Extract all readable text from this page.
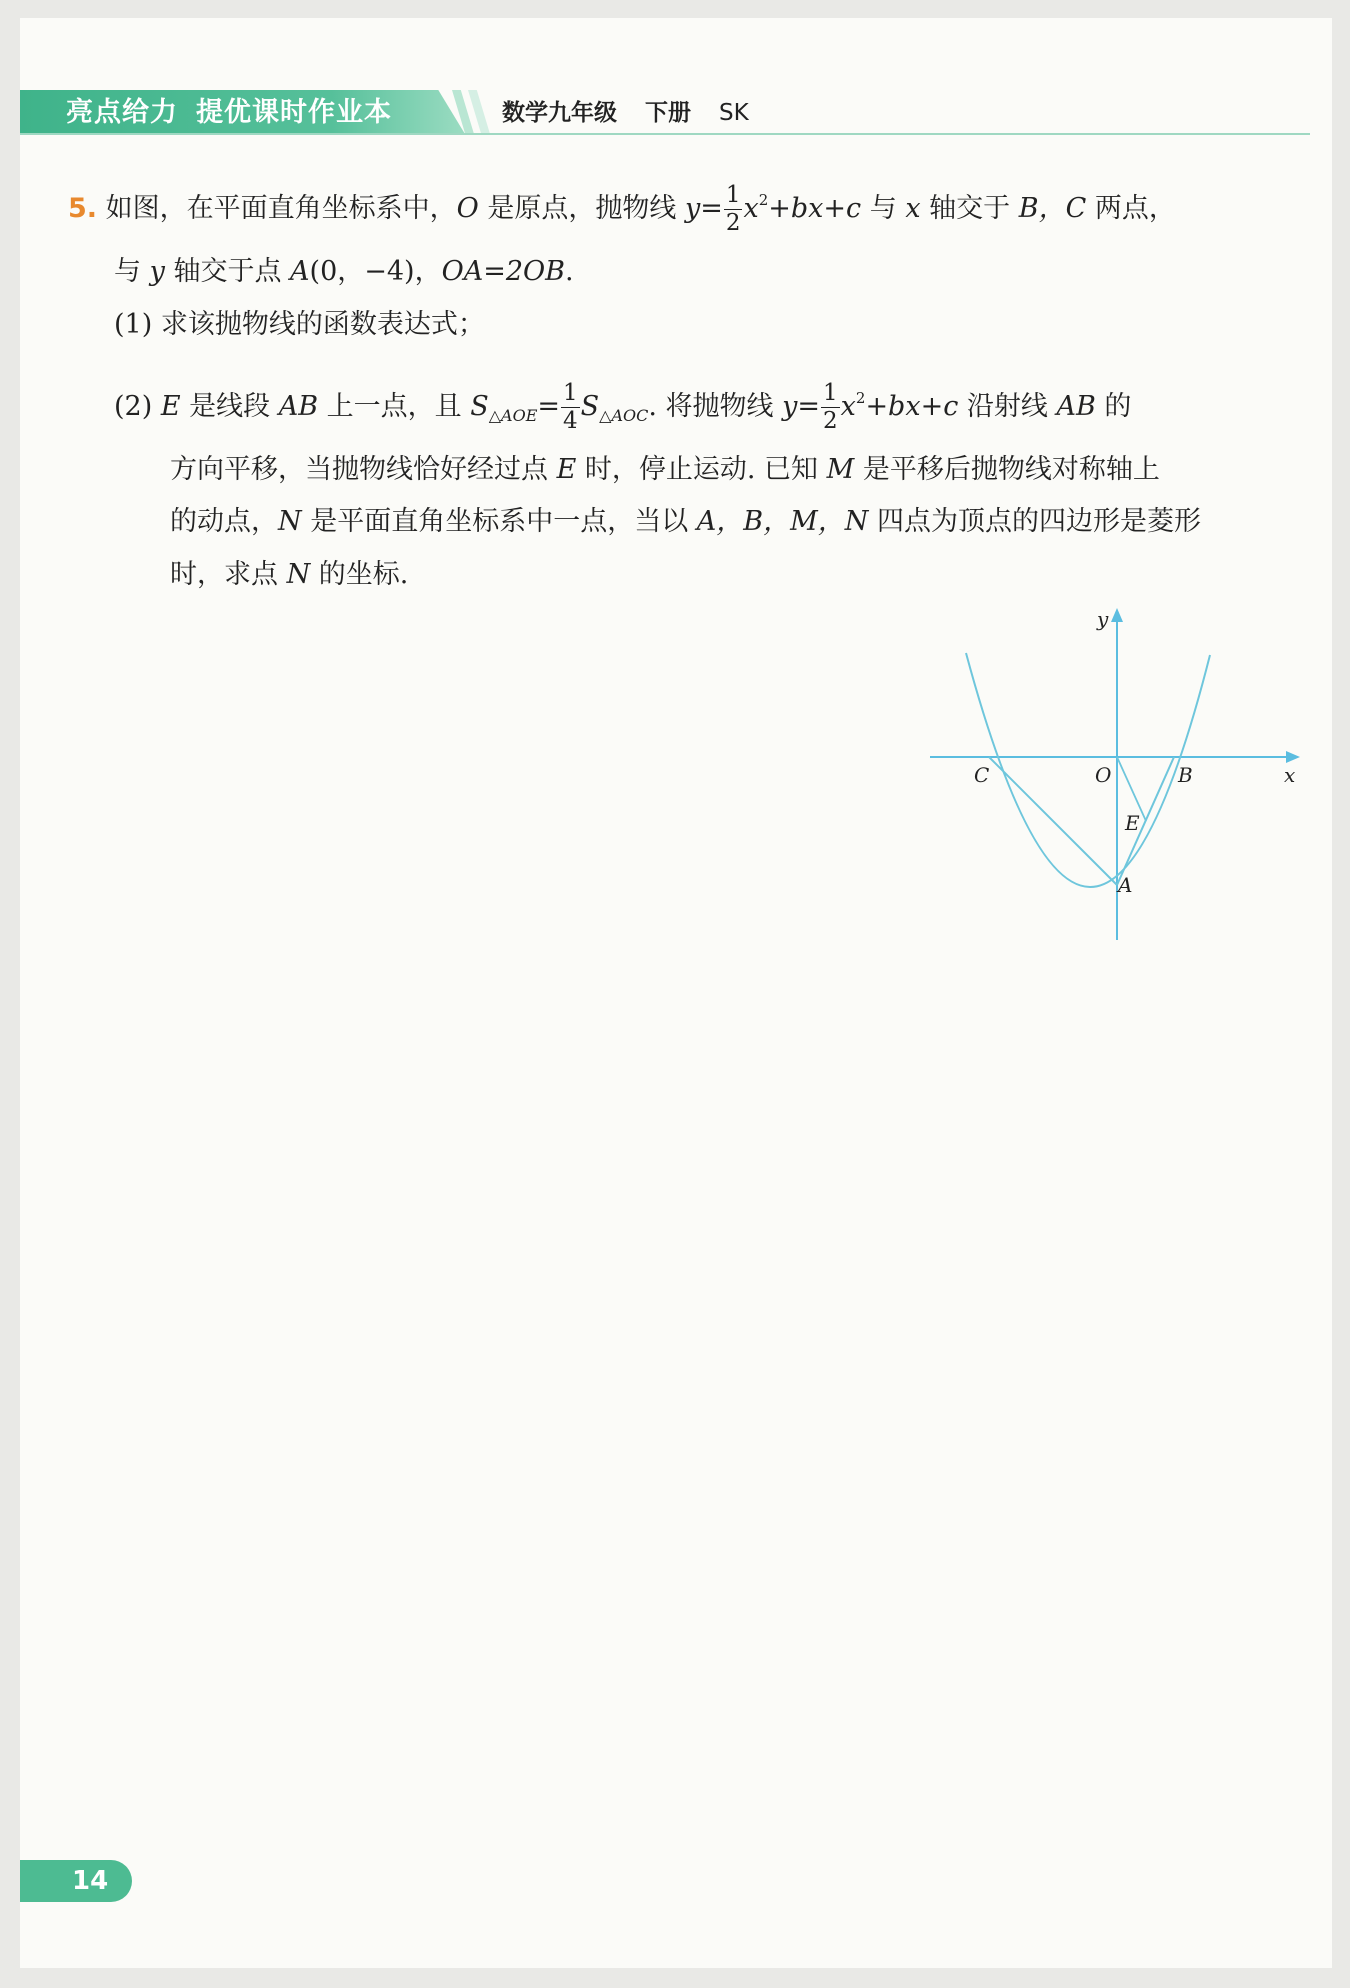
亮点给力 提优课时作业本	数学九年级 下册 SK
5. 如图，在平面直角坐标系中，O 是原点，抛物线 $y= \frac{1}{2} x^2+bx+c$ 与 x 轴交于 B，C 两点，
与 y 轴交于点 A(0，−4)，OA=2OB.
(1) 求该抛物线的函数表达式；
(2) E 是线段 AB 上一点，且 $S_{\triangle AOE}= \frac{1}{4} S_{\triangle AOC}$. 将抛物线 $y= \frac{1}{2} x^2+bx+c$ 沿射线 AB 的
方向平移，当抛物线恰好经过点 E 时，停止运动. 已知 M 是平移后抛物线对称轴上
的动点，N 是平面直角坐标系中一点，当以 A，B，M，N 四点为顶点的四边形是菱形
时，求点 N 的坐标.
y
x
O	B
C
E
A
14
